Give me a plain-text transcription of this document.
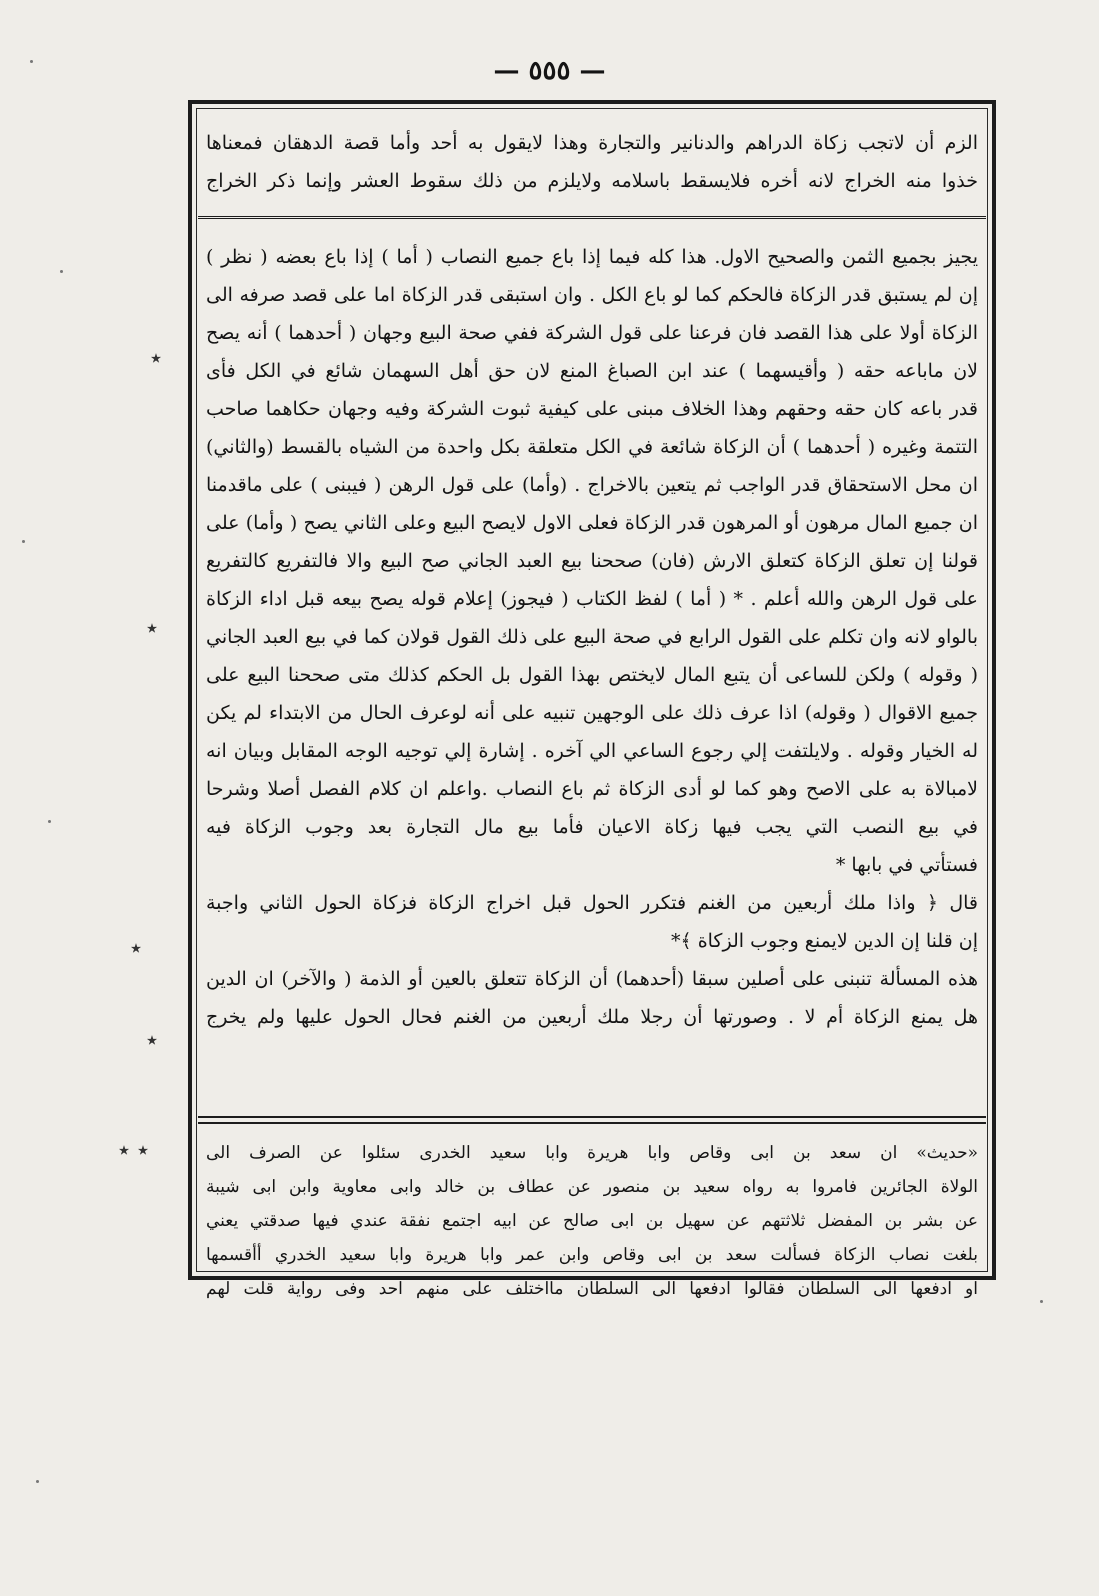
— ٥٥٥ —
الزم أن لاتجب زكاة الدراهم والدنانير والتجارة وهذا لايقول به أحد وأما قصة الدهقان فمعناها
خذوا منه الخراج لانه أخره فلايسقط باسلامه ولايلزم من ذلك سقوط العشر وإنما ذكر الخراج
يجيز بجميع الثمن والصحيح الاول. هذا كله فيما إذا باع جميع النصاب ( أما ) إذا باع بعضه ( نظر )
إن لم يستبق قدر الزكاة فالحكم كما لو باع الكل . وان استبقى قدر الزكاة اما على قصد صرفه الى
الزكاة أولا على هذا القصد فان فرعنا على قول الشركة ففي صحة البيع وجهان ( أحدهما ) أنه يصح
لان ماباعه حقه ( وأقيسهما ) عند ابن الصباغ المنع لان حق أهل السهمان شائع في الكل فأى
قدر باعه كان حقه وحقهم وهذا الخلاف مبنى على كيفية ثبوت الشركة وفيه وجهان حكاهما صاحب
التتمة وغيره ( أحدهما ) أن الزكاة شائعة في الكل متعلقة بكل واحدة من الشياه بالقسط (والثاني)
ان محل الاستحقاق قدر الواجب ثم يتعين بالاخراج . (وأما) على قول الرهن ( فيبنى ) على ماقدمنا
ان جميع المال مرهون أو المرهون قدر الزكاة فعلى الاول لايصح البيع وعلى الثاني يصح ( وأما) على
قولنا إن تعلق الزكاة كتعلق الارش (فان) صححنا بيع العبد الجاني صح البيع والا فالتفريع كالتفريع
على قول الرهن والله أعلم . * ( أما ) لفظ الكتاب ( فيجوز) إعلام قوله يصح بيعه قبل اداء الزكاة
بالواو لانه وان تكلم على القول الرابع في صحة البيع على ذلك القول قولان كما في بيع العبد الجاني
( وقوله ) ولكن للساعى أن يتبع المال لايختص بهذا القول بل الحكم كذلك متى صححنا البيع على
جميع الاقوال ( وقوله) اذا عرف ذلك على الوجهين تنبيه على أنه لوعرف الحال من الابتداء لم يكن
له الخيار وقوله . ولايلتفت إلي رجوع الساعي الي آخره . إشارة إلي توجيه الوجه المقابل وبيان انه
لامبالاة به على الاصح وهو كما لو أدى الزكاة ثم باع النصاب .واعلم ان كلام الفصل أصلا وشرحا
في بيع النصب التي يجب فيها زكاة الاعيان فأما بيع مال التجارة بعد وجوب الزكاة فيه
فستأتي في بابها *
قال ﴿ واذا ملك أربعين من الغنم فتكرر الحول قبل اخراج الزكاة فزكاة الحول الثاني واجبة
إن قلنا إن الدين لايمنع وجوب الزكاة ﴾*
هذه المسألة تنبنى على أصلين سبقا (أحدهما) أن الزكاة تتعلق بالعين أو الذمة ( والآخر) ان الدين
هل يمنع الزكاة أم لا . وصورتها أن رجلا ملك أربعين من الغنم فحال الحول عليها ولم يخرج
«حديث» ان سعد بن ابى وقاص وابا هريرة وابا سعيد الخدرى سئلوا عن الصرف الى
الولاة الجائرين فامروا به رواه سعيد بن منصور عن عطاف بن خالد وابى معاوية وابن ابى شيبة
عن بشر بن المفضل ثلاثتهم عن سهيل بن ابى صالح عن ابيه اجتمع نفقة عندي فيها صدقتي يعني
بلغت نصاب الزكاة فسألت سعد بن ابى وقاص وابن عمر وابا هريرة وابا سعيد الخدري أأقسمها
او ادفعها الى السلطان فقالوا ادفعها الى السلطان مااختلف على منهم احد وفى رواية قلت لهم
٭
٭
٭
٭ ٭
٭
